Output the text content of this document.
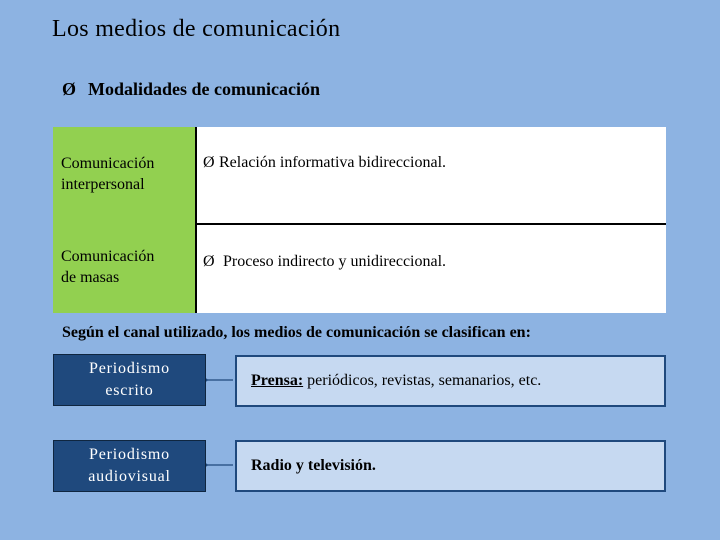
Los medios de comunicación
Ø Modalidades de comunicación
Comunicación
interpersonal
Comunicación
de masas
Ø Relación informativa bidireccional.
Ø Proceso indirecto y unidireccional.
Según el canal utilizado, los medios de comunicación se clasifican en:
Periodismo
escrito
Prensa: periódicos, revistas, semanarios, etc.
Periodismo
audiovisual
Radio y televisión.
